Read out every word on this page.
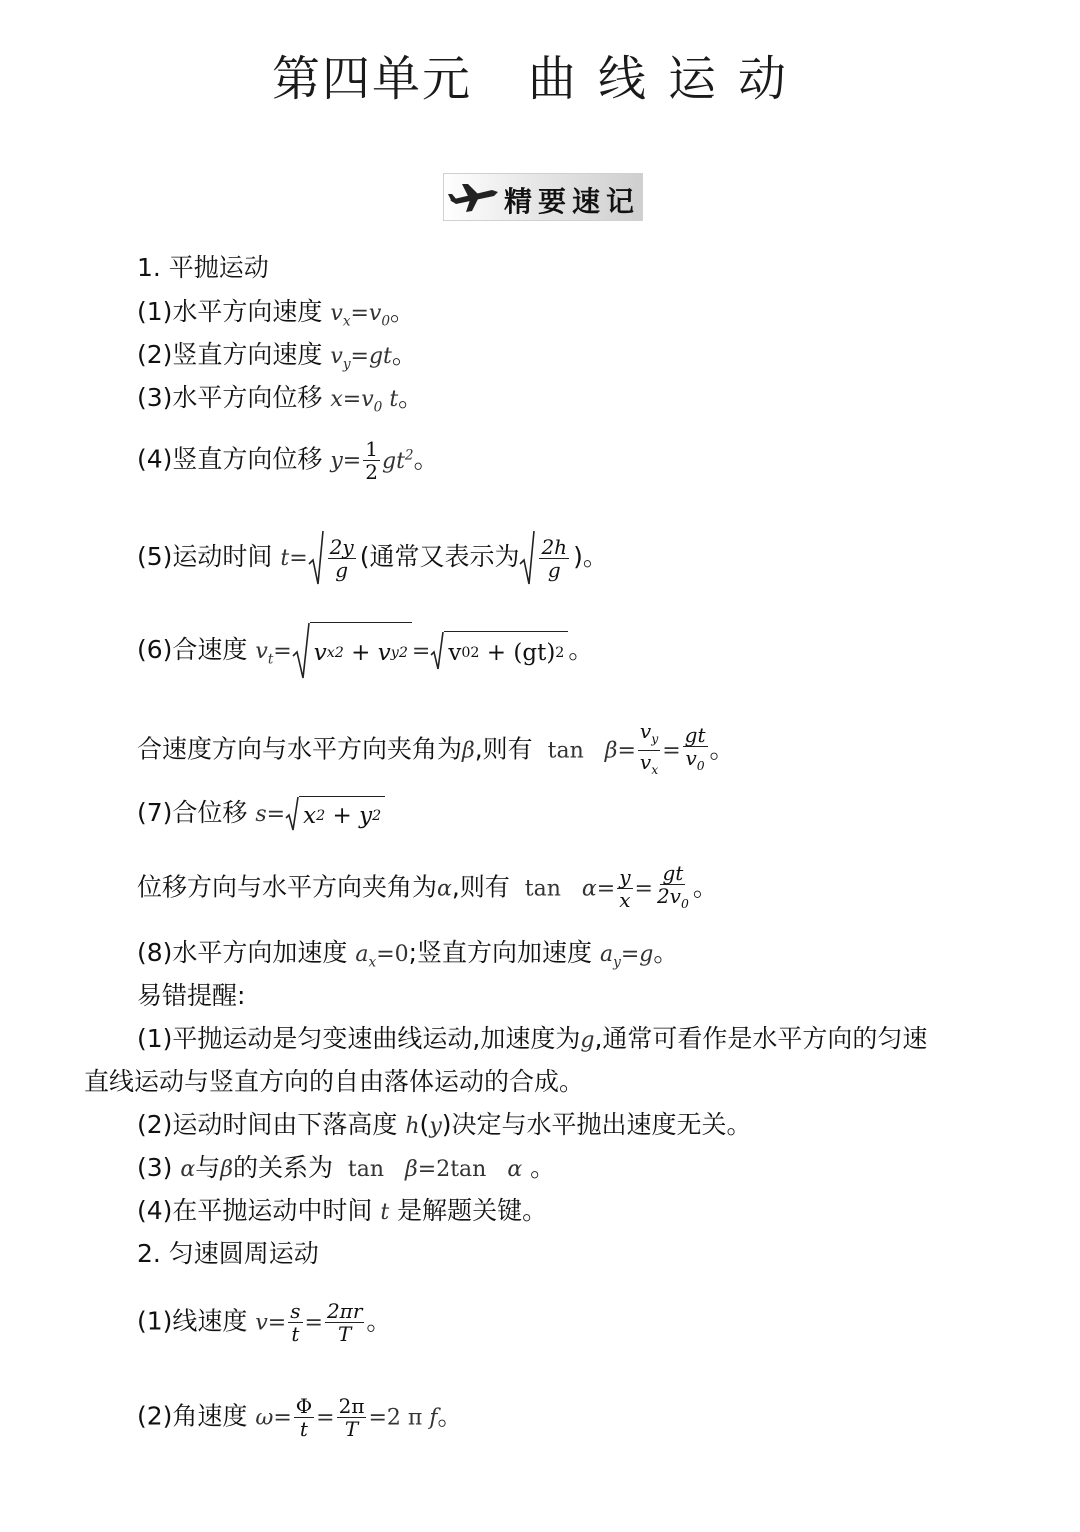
第四单元 曲线运动
精要速记
1. 平抛运动
(1)水平方向速度 $v_x=v_0$。
(2)竖直方向速度 $v_y=gt$。
(3)水平方向位移 $x=v_0$ t。
(4)竖直方向位移 $y= \frac{1}{2} gt^2$。
(5)运动时间 $t= \frac{2y}{g}$ (通常又表示为 $\frac{2h}{g}$ )。
(6)合速度 $v_t= v$ x 2 + v y 2 = v 0 2 + (gt) 2 。
合速度方向与水平方向夹角为β,则有  $\tan \beta= \frac{v_y}{v_x} = \frac{gt}{v_0}$ 。
(7)合位移 s= x 2 + y 2
位移方向与水平方向夹角为α,则有  $\tan \alpha= \frac{y}{x} = \frac{gt}{2v_0}$ 。
(8)水平方向加速度 $a_x=0$;竖直方向加速度 $a_y=g$。
易错提醒:
(1)平抛运动是匀变速曲线运动,加速度为g,通常可看作是水平方向的匀速
直线运动与竖直方向的自由落体运动的合成。
(2)运动时间由下落高度 h(y)决定与水平抛出速度无关。
(3) α与β的关系为  tan   β=2tan   α 。
(4)在平抛运动中时间 t 是解题关键。
2. 匀速圆周运动
(1)线速度 $v= \frac{s}{t} = \frac{2\pi r}{T}$ 。
(2)角速度 $\omega= \frac{\Phi}{t} = \frac{2\pi}{T} =2$ π f。
